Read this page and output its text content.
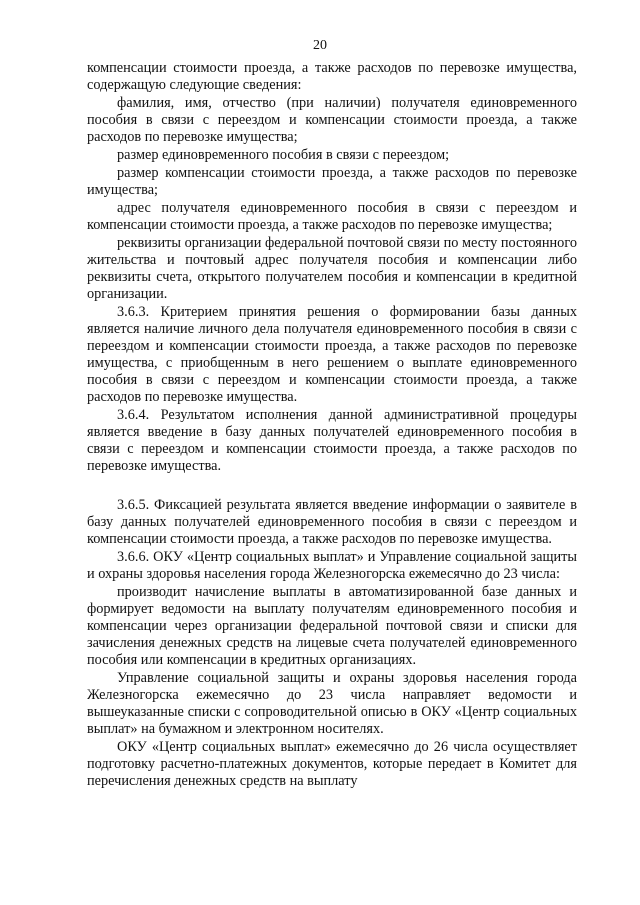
20

компенсации стоимости проезда, а также расходов по перевозке имущества, содержащую следующие сведения:

фамилия, имя, отчество (при наличии) получателя единовременного пособия в связи с переездом и компенсации стоимости проезда, а также расходов по перевозке имущества;

размер единовременного пособия в связи с переездом;

размер компенсации стоимости проезда, а также расходов по перевозке имущества;

адрес получателя единовременного пособия в связи с переездом и компенсации стоимости проезда, а также расходов по перевозке имущества;

реквизиты организации федеральной почтовой связи по месту постоянного жительства и почтовый адрес получателя пособия и компенсации либо реквизиты счета, открытого получателем пособия и компенсации в кредитной организации.

3.6.3. Критерием принятия решения о формировании базы данных является наличие личного дела получателя единовременного пособия в связи с переездом и компенсации стоимости проезда, а также расходов по перевозке имущества, с приобщенным в него решением о выплате единовременного пособия в связи с переездом и компенсации стоимости проезда, а также расходов по перевозке имущества.

3.6.4. Результатом исполнения данной административной процедуры является введение в базу данных получателей единовременного пособия в связи с переездом и компенсации стоимости проезда, а также расходов по перевозке имущества.

3.6.5. Фиксацией результата является введение информации о заявителе в базу данных получателей единовременного пособия в связи с переездом и компенсации стоимости проезда, а также расходов по перевозке имущества.

3.6.6. ОКУ «Центр социальных выплат» и Управление социальной защиты и охраны здоровья населения города Железногорска ежемесячно до 23 числа:

производит начисление выплаты в автоматизированной базе данных и формирует ведомости на выплату получателям единовременного пособия и компенсации через организации федеральной почтовой связи и списки для зачисления денежных средств на лицевые счета получателей единовременного пособия или компенсации в кредитных организациях.

Управление социальной защиты и охраны здоровья населения города Железногорска ежемесячно до 23 числа направляет ведомости и вышеуказанные списки с сопроводительной описью в ОКУ «Центр социальных выплат» на бумажном и электронном носителях.

ОКУ «Центр социальных выплат» ежемесячно до 26 числа осуществляет подготовку расчетно-платежных документов, которые передает в Комитет для перечисления денежных средств на выплату
